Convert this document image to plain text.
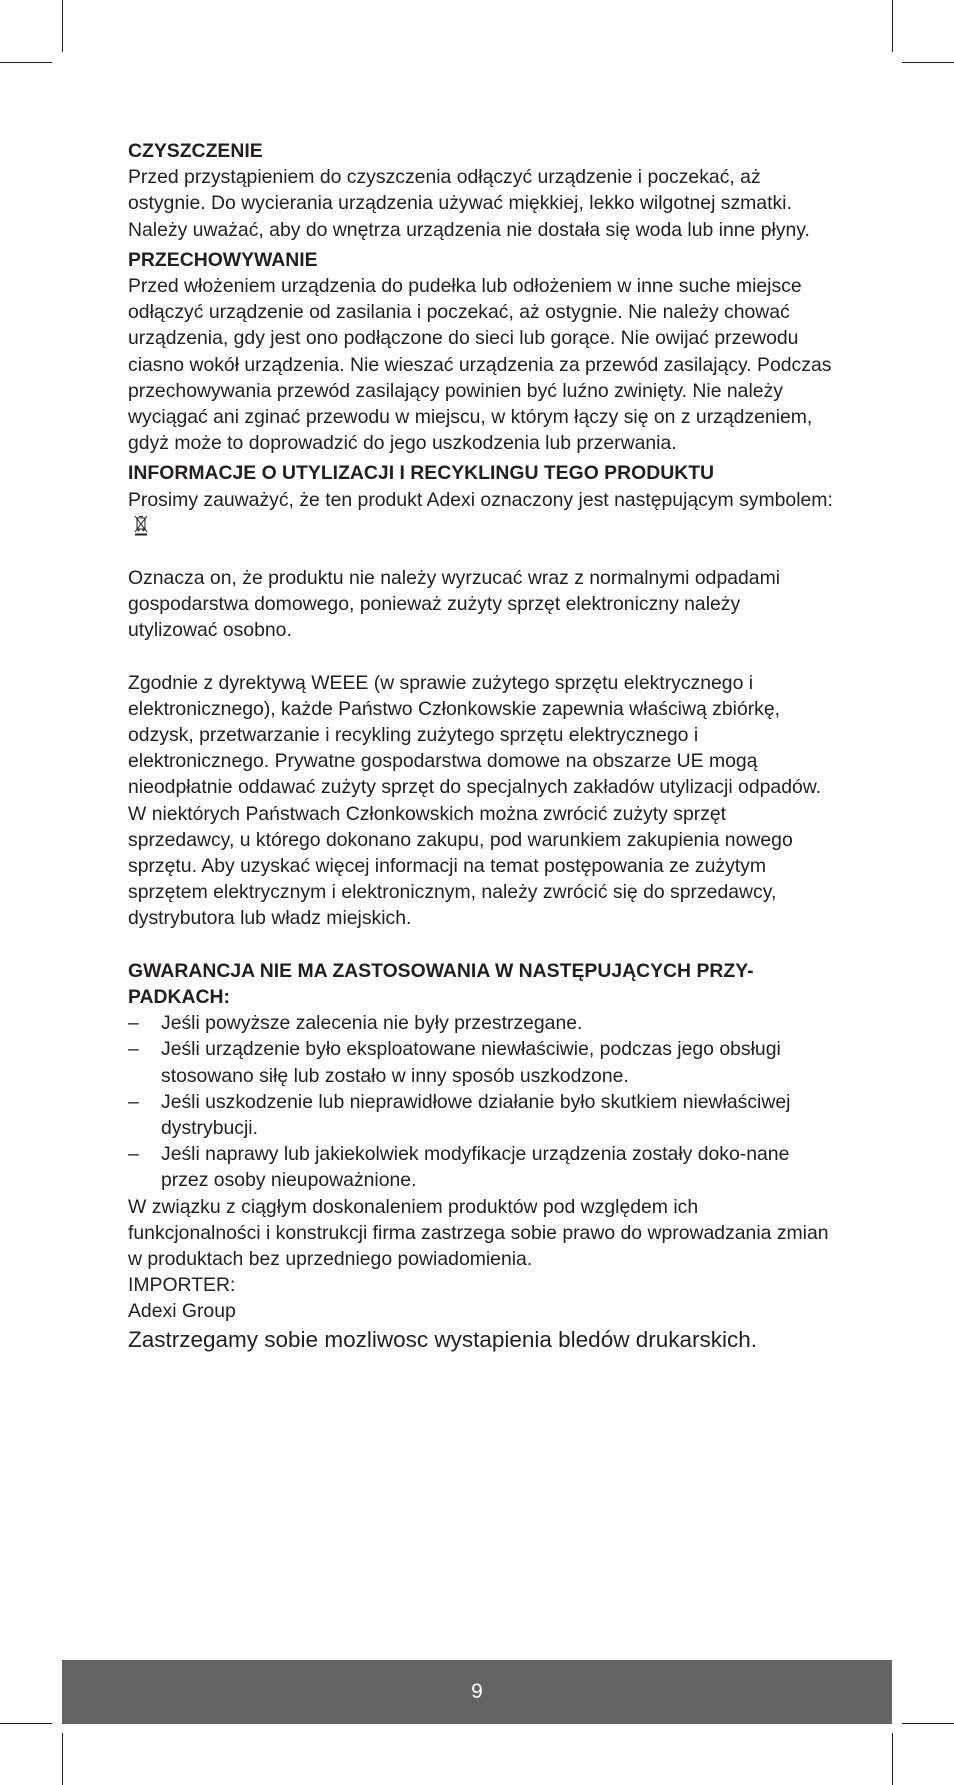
CZYSZCZENIE

Przed przystąpieniem do czyszczenia odłączyć urządzenie i poczekać, aż ostygnie. Do wycierania urządzenia używać miękkiej, lekko wilgotnej szmatki. Należy uważać, aby do wnętrza urządzenia nie dostała się woda lub inne płyny.

PRZECHOWYWANIE

Przed włożeniem urządzenia do pudełka lub odłożeniem w inne suche miejsce odłączyć urządzenie od zasilania i poczekać, aż ostygnie. Nie należy chować urządzenia, gdy jest ono podłączone do sieci lub gorące. Nie owijać przewodu ciasno wokół urządzenia. Nie wieszać urządzenia za przewód zasilający. Podczas przechowywania przewód zasilający powinien być luźno zwinięty. Nie należy wyciągać ani zginać przewodu w miejscu, w którym łączy się on z urządzeniem, gdyż może to doprowadzić do jego uszkodzenia lub przerwania.

INFORMACJE O UTYLIZACJI I RECYKLINGU TEGO PRODUKTU

Prosimy zauważyć, że ten produkt Adexi oznaczony jest następującym symbolem:

Oznacza on, że produktu nie należy wyrzucać wraz z normalnymi odpadami gospodarstwa domowego, ponieważ zużyty sprzęt elektroniczny należy utylizować osobno.

Zgodnie z dyrektywą WEEE (w sprawie zużytego sprzętu elektrycznego i elektronicznego), każde Państwo Członkowskie zapewnia właściwą zbiórkę, odzysk, przetwarzanie i recykling zużytego sprzętu elektrycznego i elektronicznego. Prywatne gospodarstwa domowe na obszarze UE mogą nieodpłatnie oddawać zużyty sprzęt do specjalnych zakładów utylizacji odpadów. W niektórych Państwach Członkowskich można zwrócić zużyty sprzęt sprzedawcy, u którego dokonano zakupu, pod warunkiem zakupienia nowego sprzętu. Aby uzyskać więcej informacji na temat postępowania ze zużytym sprzętem elektrycznym i elektronicznym, należy zwrócić się do sprzedawcy, dystrybutora lub władz miejskich.

GWARANCJA NIE MA ZASTOSOWANIA W NASTĘPUJĄCYCH PRZY-PADKACH:
– Jeśli powyższe zalecenia nie były przestrzegane.
– Jeśli urządzenie było eksploatowane niewłaściwie, podczas jego obsługi stosowano siłę lub zostało w inny sposób uszkodzone.
– Jeśli uszkodzenie lub nieprawidłowe działanie było skutkiem niewłaściwej dystrybucji.
– Jeśli naprawy lub jakiekolwiek modyfikacje urządzenia zostały doko-nane przez osoby nieupoważnione.

W związku z ciągłym doskonaleniem produktów pod względem ich funkcjonalności i konstrukcji firma zastrzega sobie prawo do wprowadzania zmian w produktach bez uprzedniego powiadomienia.

IMPORTER:

Adexi Group

Zastrzegamy sobie mozliwosc wystapienia bledów drukarskich.

9
